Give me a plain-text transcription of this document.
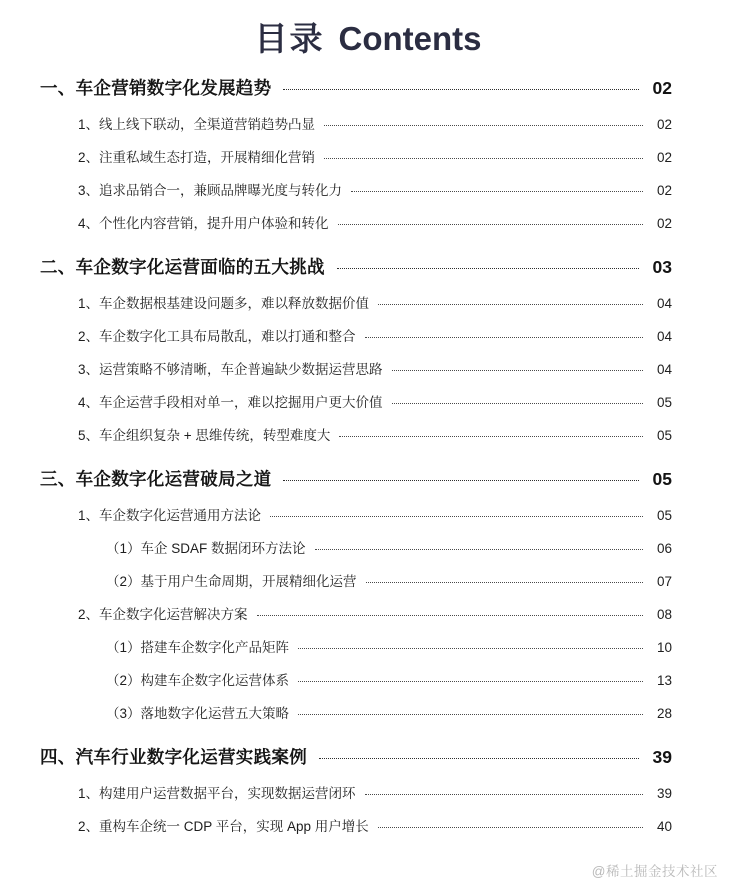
目录 Contents
一、车企营销数字化发展趋势	02
1、线上线下联动，全渠道营销趋势凸显	02
2、注重私域生态打造，开展精细化营销	02
3、追求品销合一，兼顾品牌曝光度与转化力	02
4、个性化内容营销，提升用户体验和转化	02
二、车企数字化运营面临的五大挑战	03
1、车企数据根基建设问题多，难以释放数据价值	04
2、车企数字化工具布局散乱，难以打通和整合	04
3、运营策略不够清晰，车企普遍缺少数据运营思路	04
4、车企运营手段相对单一，难以挖掘用户更大价值	05
5、车企组织复杂 + 思维传统，转型难度大	05
三、车企数字化运营破局之道	05
1、车企数字化运营通用方法论	05
（1）车企 SDAF 数据闭环方法论	06
（2）基于用户生命周期，开展精细化运营	07
2、车企数字化运营解决方案	08
（1）搭建车企数字化产品矩阵	10
（2）构建车企数字化运营体系	13
（3）落地数字化运营五大策略	28
四、汽车行业数字化运营实践案例	39
1、构建用户运营数据平台，实现数据运营闭环	39
2、重构车企统一 CDP 平台，实现 App 用户增长	40
@稀土掘金技术社区
